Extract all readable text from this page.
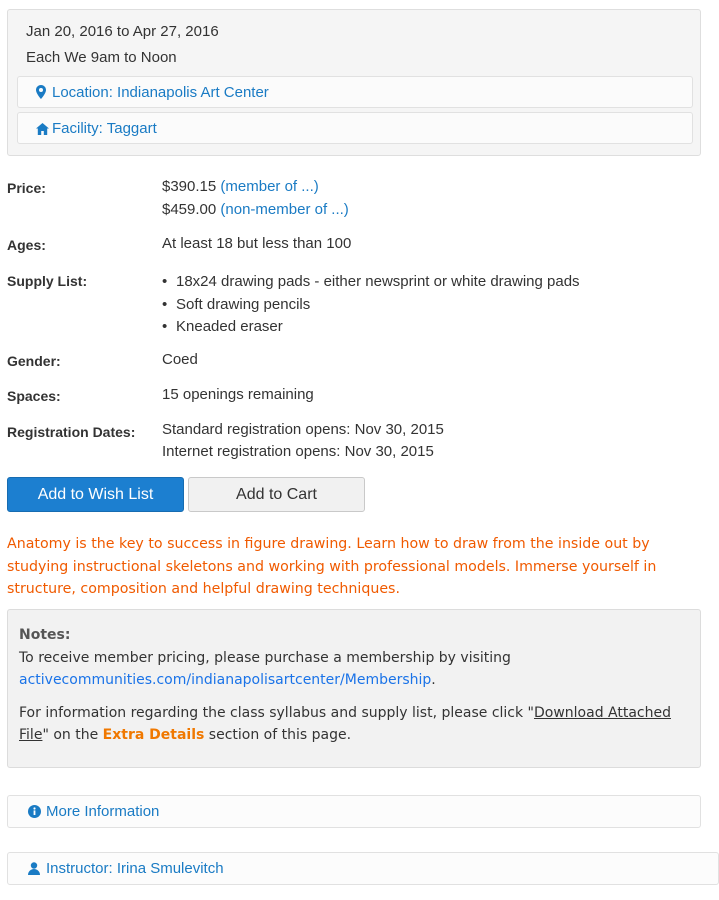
Jan 20, 2016 to Apr 27, 2016
Each We 9am to Noon
Location: Indianapolis Art Center
Facility: Taggart
Price:	$390.15 (member of ...)
$459.00 (non-member of ...)
Ages:	At least 18 but less than 100
Supply List:
•	18x24 drawing pads - either newsprint or white drawing pads
• Soft drawing pencils
• Kneaded eraser
Gender:	Coed
Spaces:	15 openings remaining
Registration Dates: Standard registration opens: Nov 30, 2015
Internet registration opens: Nov 30, 2015
Add to Wish List	Add to Cart
Anatomy is the key to success in figure drawing. Learn how to draw from the inside out by studying instructional skeletons and working with professional models. Immerse yourself in structure, composition and helpful drawing techniques.
Notes:
To receive member pricing, please purchase a membership by visiting
activecommunities.com/indianapolisartcenter/Membership.
For information regarding the class syllabus and supply list, please click "Download Attached File" on the Extra Details section of this page.
More Information
Instructor: Irina Smulevitch
